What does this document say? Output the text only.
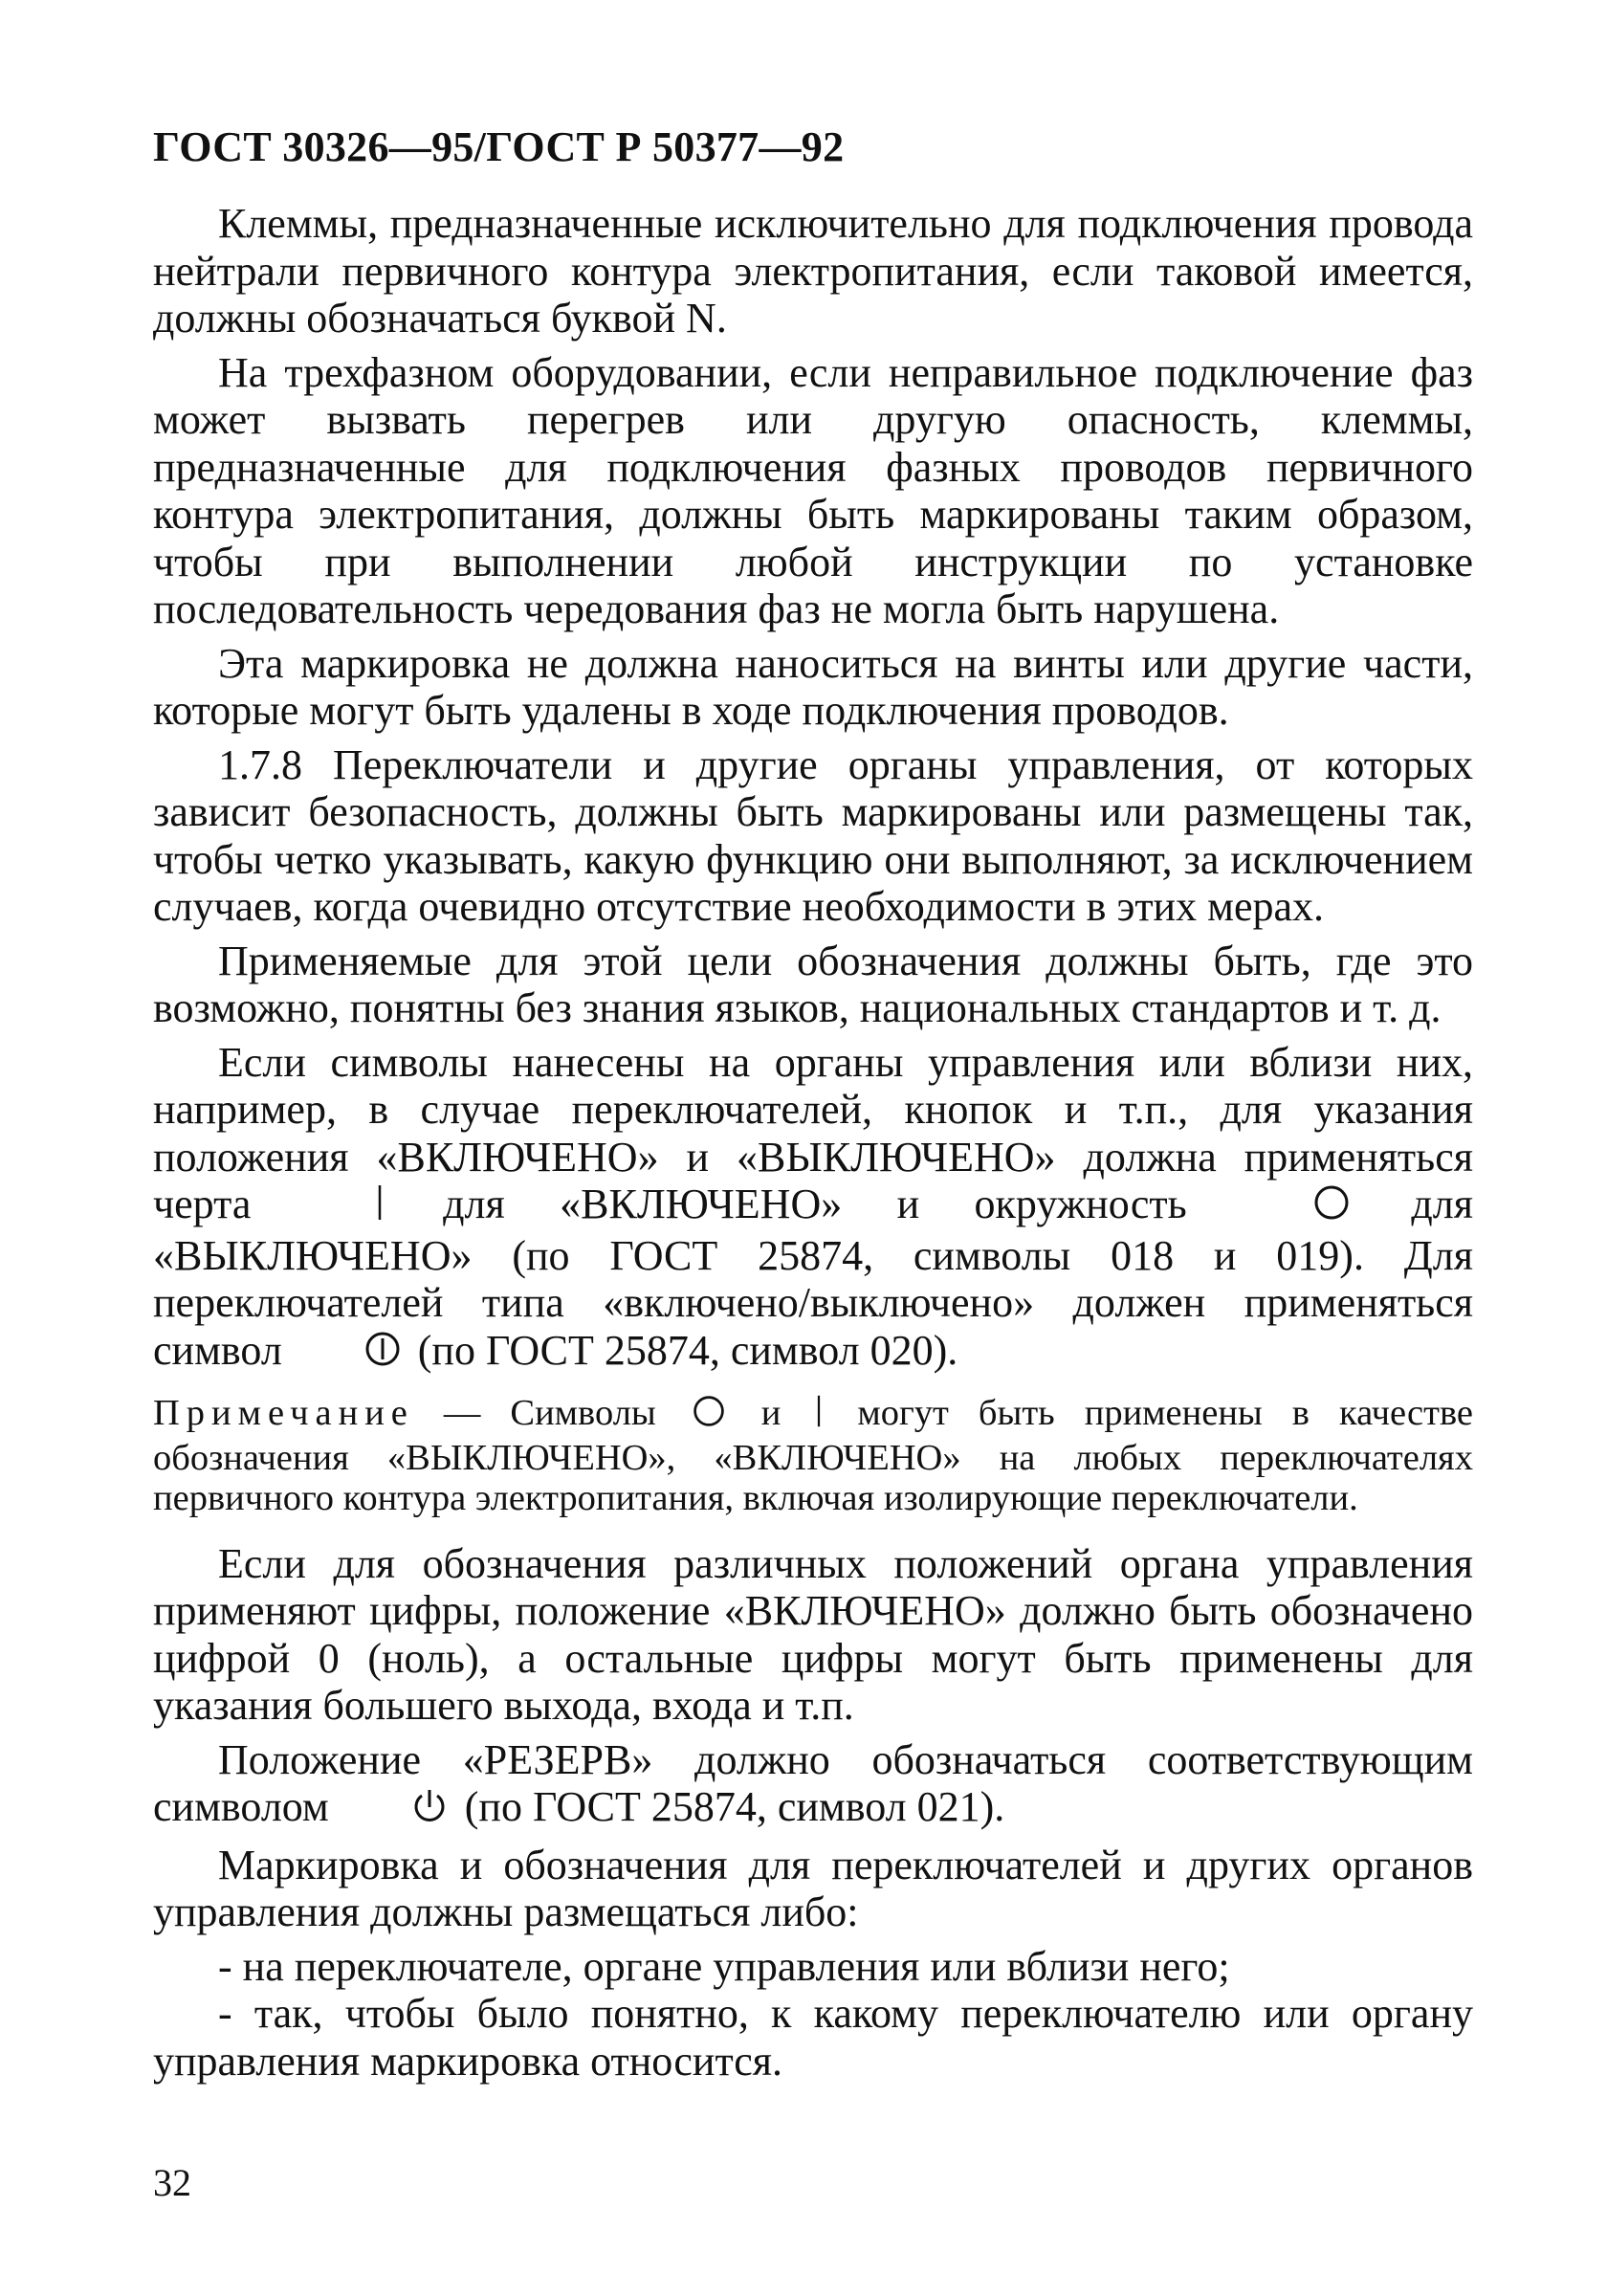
ГОСТ 30326—95/ГОСТ Р 50377—92

Клеммы, предназначенные исключительно для подключения провода нейтрали первичного контура электропитания, если таковой имеется, должны обозначаться буквой N.

На трехфазном оборудовании, если неправильное подключение фаз может вызвать перегрев или другую опасность, клеммы, предназначенные для подключения фазных проводов первичного контура электропитания, должны быть маркированы таким образом, чтобы при выполнении любой инструкции по установке последовательность чередования фаз не могла быть нарушена.

Эта маркировка не должна наноситься на винты или другие части, которые могут быть удалены в ходе подключения проводов.

1.7.8 Переключатели и другие органы управления, от которых зависит безопасность, должны быть маркированы или размещены так, чтобы четко указывать, какую функцию они выполняют, за исключением случаев, когда очевидно отсутствие необходимости в этих мерах.

Применяемые для этой цели обозначения должны быть, где это возможно, понятны без знания языков, национальных стандартов и т. д.

Если символы нанесены на органы управления или вблизи них, например, в случае переключателей, кнопок и т.п., для указания положения «ВКЛЮЧЕНО» и «ВЫКЛЮЧЕНО» должна применяться черта	для «ВКЛЮЧЕНО» и окружность	для «ВЫКЛЮЧЕНО» (по ГОСТ 25874, символы 018 и 019). Для переключателей типа «включено/выключено» должен применяться символ	(по ГОСТ 25874, символ 020).

Примечание — Символы	и могут быть применены в качестве обозначения «ВЫКЛЮЧЕНО», «ВКЛЮЧЕНО» на любых переключателях первичного контура электропитания, включая изолирующие переключатели.

Если для обозначения различных положений органа управления применяют цифры, положение «ВКЛЮЧЕНО» должно быть обозначено цифрой 0 (ноль), а остальные цифры могут быть применены для указания большего выхода, входа и т.п.

Положение «РЕЗЕРВ» должно обозначаться соответствующим символом	(по ГОСТ 25874, символ 021).

Маркировка и обозначения для переключателей и других органов управления должны размещаться либо:

- на переключателе, органе управления или вблизи него;

- так, чтобы было понятно, к какому переключателю или органу управления маркировка относится.

32
